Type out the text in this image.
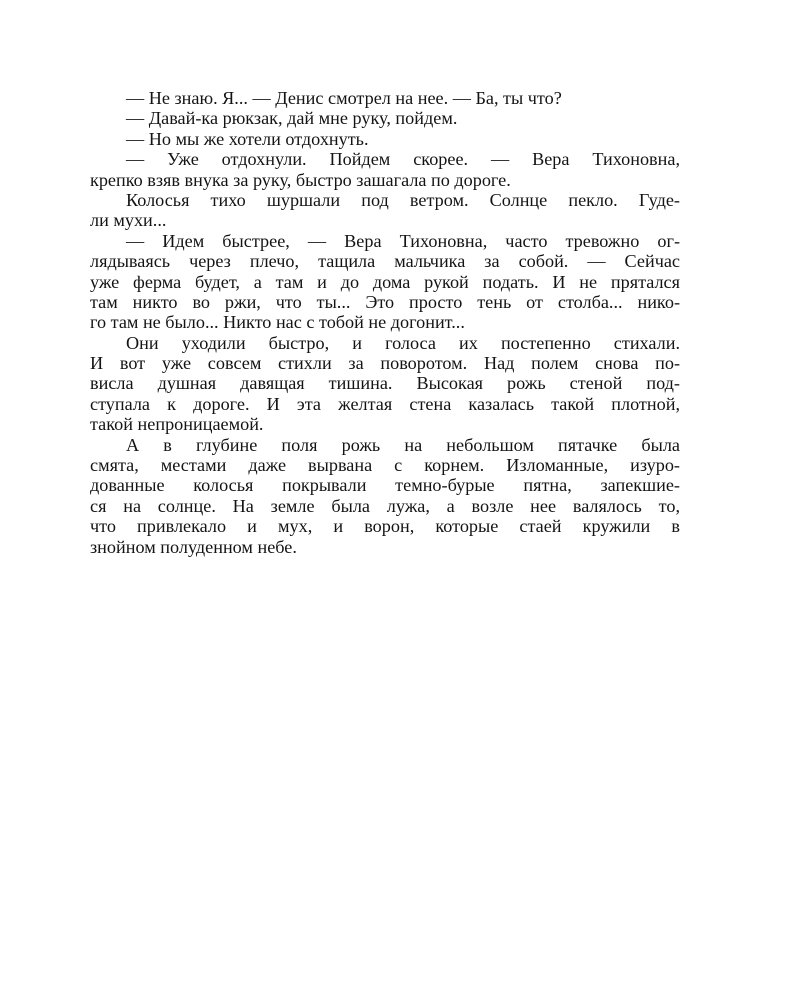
— Не знаю. Я... — Денис смотрел на нее. — Ба, ты что?
— Давай-ка рюкзак, дай мне руку, пойдем.
— Но мы же хотели отдохнуть.
— Уже отдохнули. Пойдем скорее. — Вера Тихоновна,
крепко взяв внука за руку, быстро зашагала по дороге.
Колосья тихо шуршали под ветром. Солнце пекло. Гуде-
ли мухи...
— Идем быстрее, — Вера Тихоновна, часто тревожно ог-
лядываясь через плечо, тащила мальчика за собой. — Сейчас
уже ферма будет, а там и до дома рукой подать. И не прятался
там никто во ржи, что ты... Это просто тень от столба... нико-
го там не было... Никто нас с тобой не догонит...
Они уходили быстро, и голоса их постепенно стихали.
И вот уже совсем стихли за поворотом. Над полем снова по-
висла душная давящая тишина. Высокая рожь стеной под-
ступала к дороге. И эта желтая стена казалась такой плотной,
такой непроницаемой.
А в глубине поля рожь на небольшом пятачке была
смята, местами даже вырвана с корнем. Изломанные, изуро-
дованные колосья покрывали темно-бурые пятна, запекшие-
ся на солнце. На земле была лужа, а возле нее валялось то,
что привлекало и мух, и ворон, которые стаей кружили в
знойном полуденном небе.
